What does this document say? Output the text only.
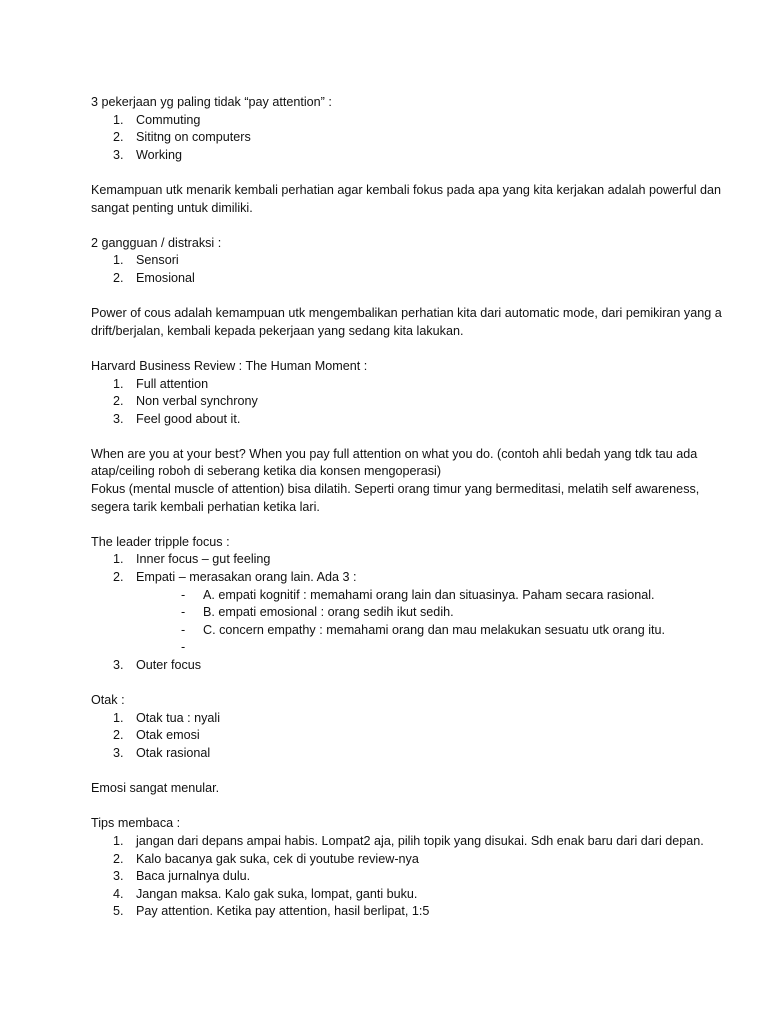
3 pekerjaan yg paling tidak “pay attention” :

1. Commuting
2. Sititng on computers
3. Working

Kemampuan utk menarik kembali perhatian agar kembali fokus pada apa yang kita kerjakan adalah powerful dan sangat penting untuk dimiliki.

2 gangguan / distraksi :

1. Sensori
2. Emosional

Power of cous adalah kemampuan utk mengembalikan perhatian kita dari automatic mode, dari pemikiran yang a drift/berjalan, kembali kepada pekerjaan yang sedang kita lakukan.

Harvard Business Review : The Human Moment :

1. Full attention
2. Non verbal synchrony
3. Feel good about it.

When are you at your best? When you pay full attention on what you do. (contoh ahli bedah yang tdk tau ada atap/ceiling roboh di seberang ketika dia konsen mengoperasi)

Fokus (mental muscle of attention) bisa dilatih. Seperti orang timur yang bermeditasi, melatih self awareness, segera tarik kembali perhatian ketika lari.

The leader tripple focus :

1. Inner focus – gut feeling
2. Empati – merasakan orang lain. Ada 3 :
- A. empati kognitif : memahami orang lain dan situasinya. Paham secara rasional.
- B. empati emosional : orang sedih ikut sedih.
- C. concern empathy : memahami orang dan mau melakukan sesuatu utk orang itu.
-
3. Outer focus

Otak :

1. Otak tua : nyali
2. Otak emosi
3. Otak rasional

Emosi sangat menular.

Tips membaca :

1. jangan dari depans ampai habis. Lompat2 aja, pilih topik yang disukai. Sdh enak baru dari dari depan.
2. Kalo bacanya gak suka, cek di youtube review-nya
3. Baca jurnalnya dulu.
4. Jangan maksa. Kalo gak suka, lompat, ganti buku.
5. Pay attention. Ketika pay attention, hasil berlipat, 1:5
